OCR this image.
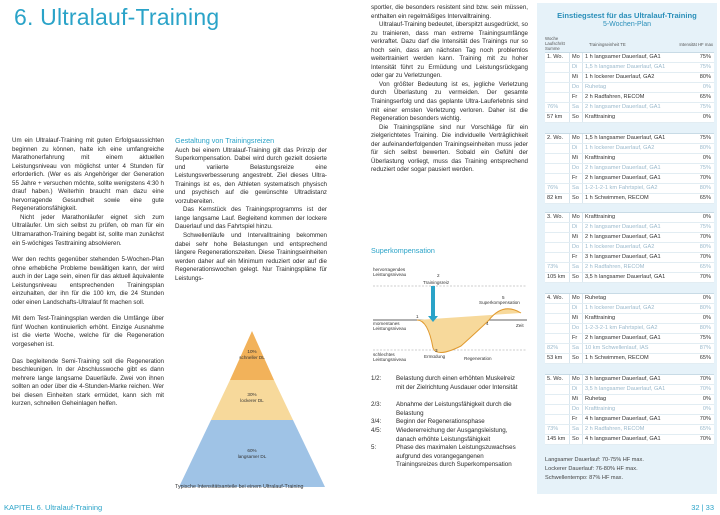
6. Ultralauf-Training

Um ein Ultralauf-Training mit guten Erfolgsaussichten beginnen zu können, halte ich eine umfangreiche Marathonerfahrung mit einem aktuellen Leistungsniveau von möglichst unter 4 Stunden für erforderlich. (Wer es als Angehöriger der Generation 55 Jahre + versuchen möchte, sollte wenigstens 4:30 h drauf haben.) Weiterhin braucht man dazu eine hervorragende Gesundheit sowie eine gute Regenerationsfähigkeit.

Nicht jeder Marathonläufer eignet sich zum Ultraläufer. Um sich selbst zu prüfen, ob man für ein Ultramarathon-Training begabt ist, sollte man zunächst ein 5-wöchiges Testtraining absolvieren.

Wer den rechts gegenüber stehenden 5-Wochen-Plan ohne erhebliche Probleme bewältigen kann, der wird auch in der Lage sein, einen für das aktuell äquivalente Leistungsniveau entsprechenden Trainingsplan einzuhalten, der ihn für die 100 km, die 24 Stunden oder einen Landschafts-Ultralauf fit machen soll.

Mit dem Test-Trainingsplan werden die Umfänge über fünf Wochen kontinuierlich erhöht. Einzige Ausnahme ist die vierte Woche, welche für die Regeneration vorgesehen ist.

Das begleitende Semi-Training soll die Regeneration beschleunigen. In der Abschlusswoche gibt es dann mehrere lange langsame Dauerläufe. Zwei von ihnen sollten an oder über die 4-Stunden-Marke reichen. Wer bei diesen Einheiten stark ermüdet, kann sich mit kurzen, schnellen Geheinlagen helfen.

Gestaltung von Trainingsreizen

Auch bei einem Ultralauf-Training gilt das Prinzip der Superkompensation. Dabei wird durch gezielt dosierte und variierte Belastungsreize eine Leistungsverbesserung angestrebt. Ziel dieses Ultra-Trainings ist es, den Athleten systematisch physisch und psychisch auf die gewünschte Ultradistanz vorzubereiten.

Das Kernstück des Trainingsprogramms ist der lange langsame Lauf. Begleitend kommen der lockere Dauerlauf und das Fahrtspiel hinzu.

Schwellenläufe und Intervalltraining bekommen dabei sehr hohe Belastungen und entsprechend längere Regenerationszeiten. Diese Trainingseinheiten werden daher auf ein Minimum reduziert oder auf die Regenerationswochen gelegt. Nur Trainingspläne für Leistungs-

10%
schneller DL
30%
lockerer DL
60%
langsamer DL
Typische Intensitätsanteile bei einem Ultralauf-Training

sportler, die besonders resistent sind bzw. sein müssen, enthalten ein regelmäßiges Intervalltraining.

Ultralauf-Training bedeutet, überspitzt ausgedrückt, so zu trainieren, dass man extreme Trainingsumfänge verkraftet. Dazu darf die Intensität des Trainings nur so hoch sein, dass am nächsten Tag noch problemlos weitertrainiert werden kann. Training mit zu hoher Intensität führt zu Ermüdung und Leistungsrückgang oder gar zu Verletzungen.

Von größter Bedeutung ist es, jegliche Verletzung durch Überlastung zu vermeiden. Der gesamte Trainingserfolg und das geplante Ultra-Lauferlebnis sind mit einer ernsten Verletzung verloren. Daher ist die Regeneration besonders wichtig.

Die Trainingspläne sind nur Vorschläge für ein zielgerichtetes Training. Die individuelle Verträglichkeit der aufeinanderfolgenden Trainingseinheiten muss jeder für sich selbst bewerten. Sobald ein Gefühl der Überlastung vorliegt, muss das Training entsprechend reduziert oder sogar pausiert werden.

Superkompensation
hervorragendes Leistungsniveau
momentanes Leistungsniveau
schlechtes Leistungsniveau
Trainingsreiz
Superkompensation
Ermüdung	Regeneration
Zeit
1
2
3
4
5
1/2: Belastung durch einen erhöhten Muskelreiz mit der Zielrichtung Ausdauer oder Intensität
2/3: Abnahme der Leistungsfähigkeit durch die Belastung
3/4: Beginn der Regenerationsphase
4/5: Wiedererreichung der Ausgangsleistung, danach erhöhte Leistungsfähigkeit
5:	Phase des maximalen Leistungszuwachses aufgrund des vorangegangenen Trainingsreizes durch Superkompensation
Einstiegstest für das Ultralauf-Training
5-Wochen-Plan
Woche Laufschritt Summe
Trainingseinheit TE	Intensität HF max
1. Wo. Mo 1 h langsamer Dauerlauf, GA1	75%
Di 1,5 h langsamer Dauerlauf, GA1	75%
Mi 1 h lockerer Dauerlauf, GA2	80%
Do Ruhetag	0%
Fr 2 h Radfahren, RECOM	65%
76% Sa 2 h langsamer Dauerlauf, GA1	75%
57 km So Krafttraining	0%
2. Wo. Mo 1,5 h langsamer Dauerlauf, GA1	75%
Di 1 h lockerer Dauerlauf, GA2	80%
Mi Krafttraining	0%
Do 2 h langsamer Dauerlauf, GA1	75%
Fr 2 h langsamer Dauerlauf, GA1	70%
76% Sa 1-2-1-2-1 km Fahrtspiel, GA2	80%
82 km So 1 h Schwimmen, RECOM	65%
3. Wo. Mo Krafttraining	0%
Di 2 h langsamer Dauerlauf, GA1	75%
Mi 2 h langsamer Dauerlauf, GA1	70%
Do 1 h lockerer Dauerlauf, GA2	80%
Fr 3 h langsamer Dauerlauf, GA1	70%
73% Sa 2 h Radfahren, RECOM	65%
105 km So 3,5 h langsamer Dauerlauf, GA1	70%
4. Wo. Mo Ruhetag	0%
Di 1 h lockerer Dauerlauf, GA2	80%
Mi Krafttraining	0%
Do 1-2-3-2-1 km Fahrtspiel, GA2	80%
Fr 2 h langsamer Dauerlauf, GA1	75%
82% Sa 10 km Schwellenlauf, IAS	87%
53 km So 1 h Schwimmen, RECOM	65%
5. Wo. Mo 3 h langsamer Dauerlauf, GA1	70%
Di 3,5 h langsamer Dauerlauf, GA1	70%
Mi Ruhetag	0%
Do Krafttraining	0%
Fr 4 h langsamer Dauerlauf, GA1	70%
73% Sa 2 h Radfahren, RECOM	65%
145 km So 4 h langsamer Dauerlauf, GA1	70%
Langsamer Dauerlauf: 70-75% HF max.
Lockerer Dauerlauf: 76-80% HF max.
Schwellentempo: 87% HF max.
KAPITEL 6. Ultralauf-Training	32 | 33
